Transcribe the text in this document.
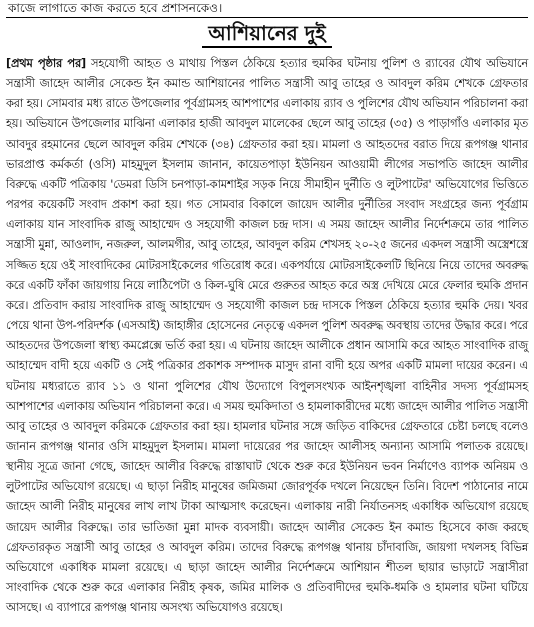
কাজে লাগাতে কাজ করতে হবে প্রশাসনকেও।
আশিয়ানের দুই

[প্রথম পৃষ্ঠার পর] সহযোগী আহত ও মাথায় পিস্তল ঠেকিয়ে হত্যার হুমকির ঘটনায় পুলিশ ও র‌্যাবের যৌথ অভিযানে সন্ত্রাসী জাহেদ আলীর সেকেন্ড ইন কমান্ড আশিয়ানের পালিত সন্ত্রাসী আবু তাহের ও আবদুল করিম শেখকে গ্রেফতার করা হয়। সোমবার মধ্য রাতে উপজেলার পূর্বগ্রামসহ আশপাশের এলাকায় র‌্যাব ও পুলিশের যৌথ অভিযান পরিচালনা করা হয়। অভিযানে উপজেলার মাঝিনা এলাকার হাজী আবদুল মালেকের ছেলে আবু তাহের (৩৫) ও পাড়াগাঁও এলাকার মৃত আবদুর রহমানের ছেলে আবদুল করিম শেখকে (৩৪) গ্রেফতার করা হয়। মামলা ও আহতদের বরাত দিয়ে রূপগঞ্জ থানার ভারপ্রাপ্ত কর্মকর্তা (ওসি) মাহমুদুল ইসলাম জানান, কায়েতপাড়া ইউনিয়ন আওয়ামী লীগের সভাপতি জাহেদ আলীর বিরুদ্ধে একটি পত্রিকায় 'ডেমরা ডিসি চনপাড়া-কামশাইর সড়ক নিয়ে সীমাহীন দুর্নীতি ও লুটপাটের' অভিযোগের ভিত্তিতে পরপর কয়েকটি সংবাদ প্রকাশ করা হয়। গত সোমবার বিকালে জায়েদ আলীর দুর্নীতির সংবাদ সংগ্রহের জন্য পূর্বগ্রাম এলাকায় যান সাংবাদিক রাজু আহাম্মেদ ও সহযোগী কাজল চন্দ্র দাস। এ সময় জাহেদ আলীর নির্দেশক্রমে তার পালিত সন্ত্রাসী মুন্না, আওলাদ, নজরুল, আলমগীর, আবু তাহের, আবদুল করিম শেখসহ ২০-২৫ জনের একদল সন্ত্রাসী অস্ত্রেশস্ত্রে সজ্জিত হয়ে ওই সাংবাদিকের মোটরসাইকেলের গতিরোধ করে। একপর্যায়ে মোটরসাইকেলটি ছিনিয়ে নিয়ে তাদের অবরুদ্ধ করে একটি ফাঁকা জায়গায় নিয়ে লাঠিপেটা ও কিল-ঘুষি মেরে গুরুতর আহত করে অস্ত্র দেখিয়ে মেরে ফেলার হুমকি প্রদান করে। প্রতিবাদ করায় সাংবাদিক রাজু আহাম্মেদ ও সহযোগী কাজল চন্দ্র দাসকে পিস্তল ঠেকিয়ে হত্যার হুমকি দেয়। খবর পেয়ে থানা উপ-পরিদর্শক (এসআই) জাহাঙ্গীর হোসেনের নেতৃত্বে একদল পুলিশ অবরুদ্ধ অবস্থায় তাদের উদ্ধার করে। পরে আহতদের উপজেলা স্বাস্থ্য কমপ্লেক্সে ভর্তি করা হয়। এ ঘটনায় জাহেদ আলীকে প্রধান আসামি করে আহত সাংবাদিক রাজু আহাম্মেদ বাদী হয়ে একটি ও সেই পত্রিকার প্রকাশক সম্পাদক মাসুদ রানা বাদী হয়ে অপর একটি মামলা দায়ের করেন। এ ঘটনায় মধ্যরাতে র‌্যাব ১১ ও থানা পুলিশের যৌথ উদ্যোগে বিপুলসংখ্যক আইনশৃঙ্খলা বাহিনীর সদস্য পূর্বগ্রামসহ আশপাশের এলাকায় অভিযান পরিচালনা করে। এ সময় হুমকিদাতা ও হামলাকারীদের মধ্যে জাহেদ আলীর পালিত সন্ত্রাসী আবু তাহের ও আবদুল করিমকে গ্রেফতার করা হয়। হামলার ঘটনার সঙ্গে জড়িত বাকিদের গ্রেফতারে চেষ্টা চলছে বলেও জানান রূপগঞ্জ থানার ওসি মাহমুদুল ইসলাম। মামলা দায়েরের পর জাহেদ আলীসহ অন্যান্য আসামি পলাতক রয়েছে। স্থানীয় সূত্রে জানা গেছে, জাহেদ আলীর বিরুদ্ধে রাস্তাঘাট থেকে শুরু করে ইউনিয়ন ভবন নির্মাণেও ব্যাপক অনিয়ম ও লুটপাটের অভিযোগ রয়েছে। এ ছাড়া নিরীহ মানুষের জমিজমা জোরপূর্বক দখলে নিয়েছেন তিনি। বিদেশ পাঠানোর নামে জাহেদ আলী নিরীহ মানুষের লাখ লাখ টাকা আত্মসাৎ করেছেন। এলাকায় নারী নির্যাতনসহ একাধিক অভিযোগ রয়েছে জায়েদ আলীর বিরুদ্ধে। তার ভাতিজা মুন্না মাদক ব্যবসায়ী। জাহেদ আলীর সেকেন্ড ইন কমান্ড হিসেবে কাজ করছে গ্রেফতারকৃত সন্ত্রাসী আবু তাহের ও আবদুল করিম। তাদের বিরুদ্ধে রূপগঞ্জ থানায় চাঁদাবাজি, জায়গা দখলসহ বিভিন্ন অভিযোগে একাধিক মামলা রয়েছে। এ ছাড়া জাহেদ আলীর নির্দেশক্রমে আশিয়ান শীতল ছায়ার ভাড়াটে সন্ত্রাসীরা সাংবাদিক থেকে শুরু করে এলাকার নিরীহ কৃষক, জমির মালিক ও প্রতিবাদীদের হুমকি-ধমকি ও হামলার ঘটনা ঘটিয়ে আসছে। এ ব্যাপারে রূপগঞ্জ থানায় অসংখ্য অভিযোগও রয়েছে।
